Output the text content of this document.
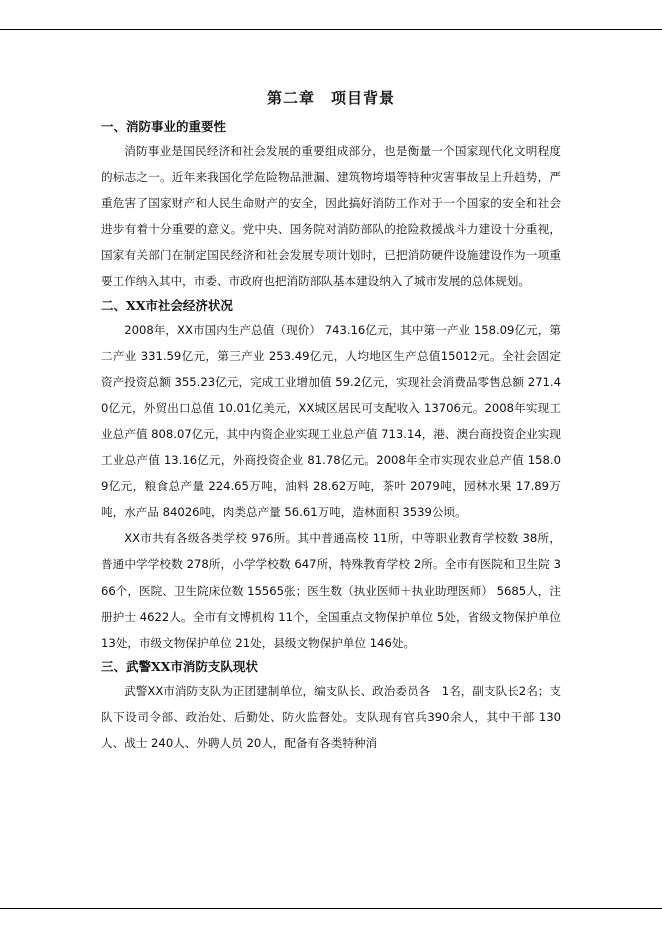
第二章　项目背景
一、消防事业的重要性

消防事业是国民经济和社会发展的重要组成部分，也是衡量一个国家现代化文明程度的标志之一。近年来我国化学危险物品泄漏、建筑物垮塌等特种灾害事故呈上升趋势，严重危害了国家财产和人民生命财产的安全，因此搞好消防工作对于一个国家的安全和社会进步有着十分重要的意义。党中央、国务院对消防部队的抢险救援战斗力建设十分重视，国家有关部门在制定国民经济和社会发展专项计划时，已把消防硬件设施建设作为一项重要工作纳入其中，市委、市政府也把消防部队基本建设纳入了城市发展的总体规划。

二、XX市社会经济状况

2008年，XX市国内生产总值（现价） 743.16亿元，其中第一产业 158.09亿元，第二产业 331.59亿元，第三产业 253.49亿元，人均地区生产总值15012元。全社会固定资产投资总额 355.23亿元，完成工业增加值 59.2亿元，实现社会消费品零售总额 271.40亿元，外贸出口总值 10.01亿美元，XX城区居民可支配收入 13706元。2008年实现工业总产值 808.07亿元，其中内资企业实现工业总产值 713.14，港、澳台商投资企业实现工业总产值 13.16亿元，外商投资企业 81.78亿元。2008年全市实现农业总产值 158.09亿元，粮食总产量 224.65万吨，油料 28.62万吨，茶叶 2079吨，园林水果 17.89万吨，水产品 84026吨，肉类总产量 56.61万吨，造林面积 3539公顷。

XX市共有各级各类学校 976所。其中普通高校 11所，中等职业教育学校数 38所，普通中学学校数 278所，小学学校数 647所，特殊教育学校 2所。全市有医院和卫生院 366个，医院、卫生院床位数 15565张；医生数（执业医师＋执业助理医师） 5685人，注册护士 4622人。全市有文博机构 11个，全国重点文物保护单位 5处，省级文物保护单位 13处，市级文物保护单位 21处，县级文物保护单位 146处。

三、武警XX市消防支队现状

武警XX市消防支队为正团建制单位，编支队长、政治委员各　1名，副支队长2名；支队下设司令部、政治处、后勤处、防火监督处。支队现有官兵390余人，其中干部 130人、战士 240人、外聘人员 20人，配备有各类特种消
